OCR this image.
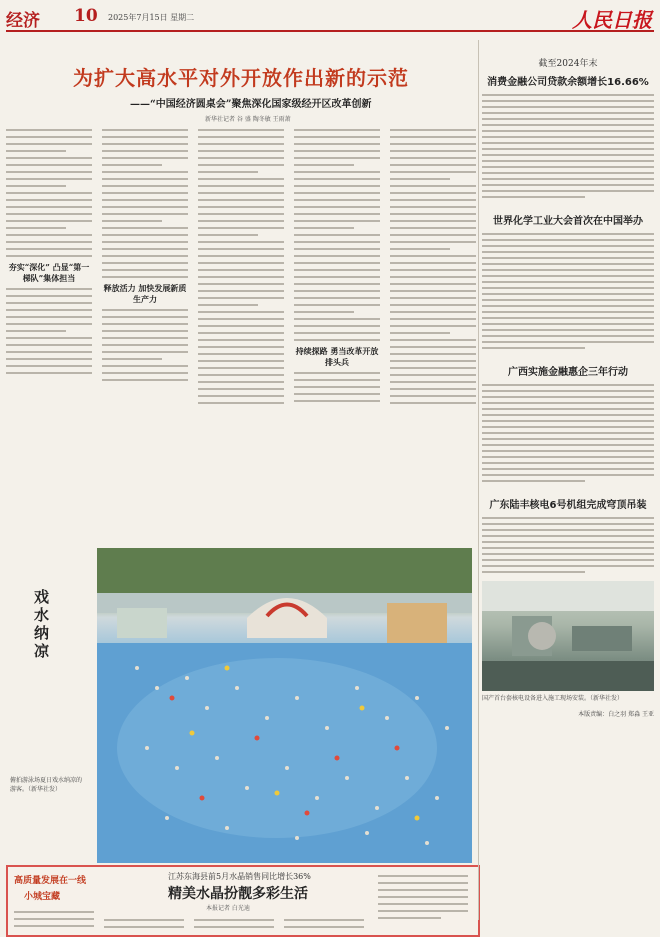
经济 10 2025年7月15日 星期二	人民日报
为扩大高水平对外开放作出新的示范
——“中国经济圆桌会”聚焦深化国家级经开区改革创新
新华社记者 谷 盛 陶冬敏 王雨萧
夯实“深化” 凸显“第一梯队”集体担当
释放活力 加快发展新质生产力
持续探路 勇当改革开放排头兵
戏水纳凉
俯拍游泳场夏日戏水纳凉的游客。（新华社发）
高质量发展在一线
小城宝藏
江苏东海县前5月水晶销售同比增长36%
精美水晶扮靓多彩生活
本报记者 白光迪
截至2024年末
消费金融公司贷款余额增长16.66%
世界化学工业大会首次在中国举办
广西实施金融惠企三年行动
广东陆丰核电6号机组完成穹顶吊装
国产首台套核电设备进入施工现场安装。（新华社发）
本版责编：白之羽 郑淼 王亚
